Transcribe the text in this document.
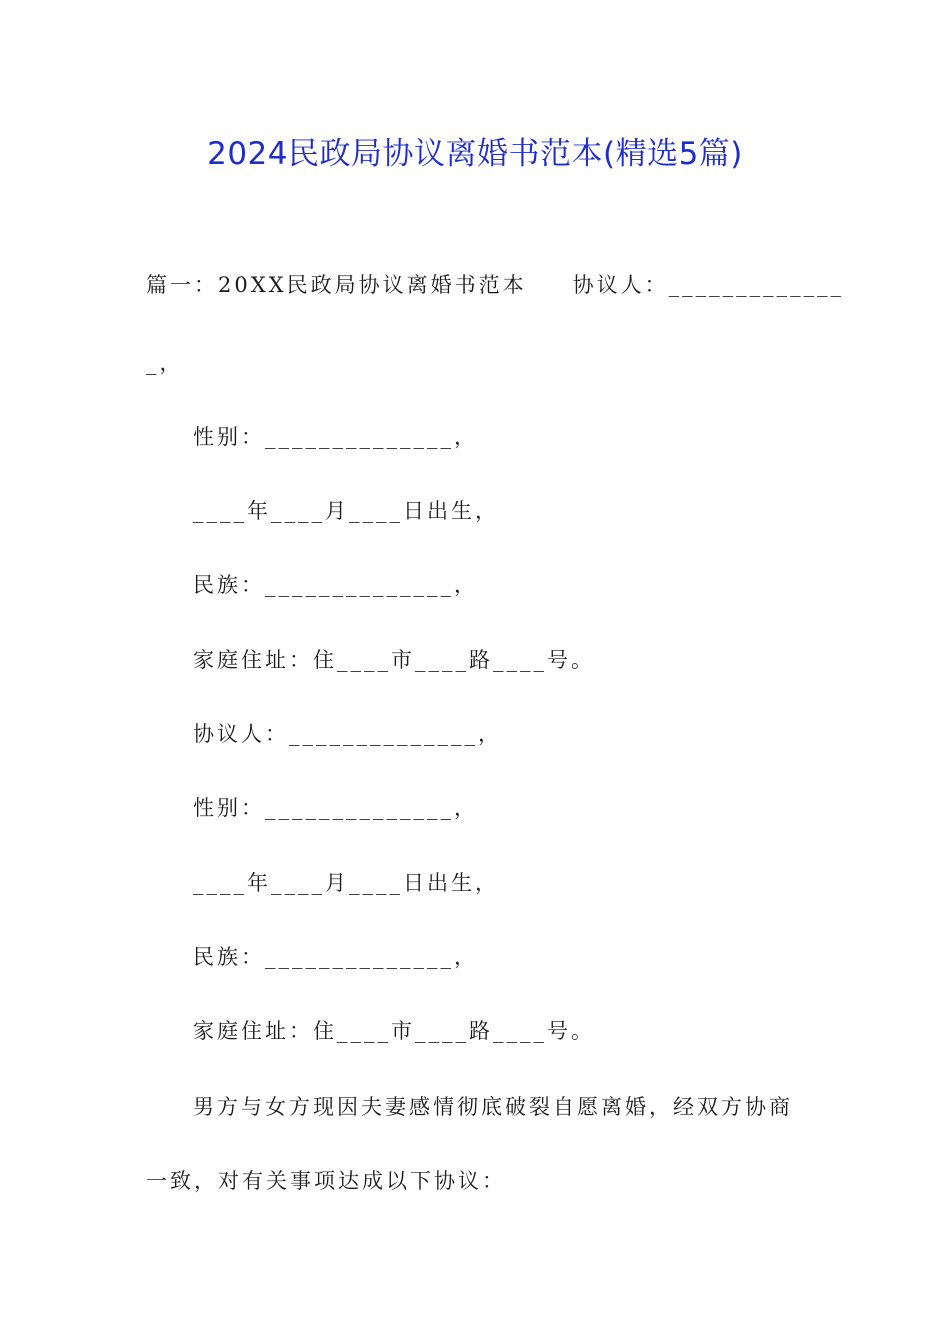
2024民政局协议离婚书范本(精选5篇)
篇一：20XX民政局协议离婚书范本 协议人：_____________
_，
性别：______________，
____年____月____日出生，
民族：______________，
家庭住址：住____市____路____号。
协议人：______________，
性别：______________，
____年____月____日出生，
民族：______________，
家庭住址：住____市____路____号。
男方与女方现因夫妻感情彻底破裂自愿离婚，经双方协商
一致，对有关事项达成以下协议：
